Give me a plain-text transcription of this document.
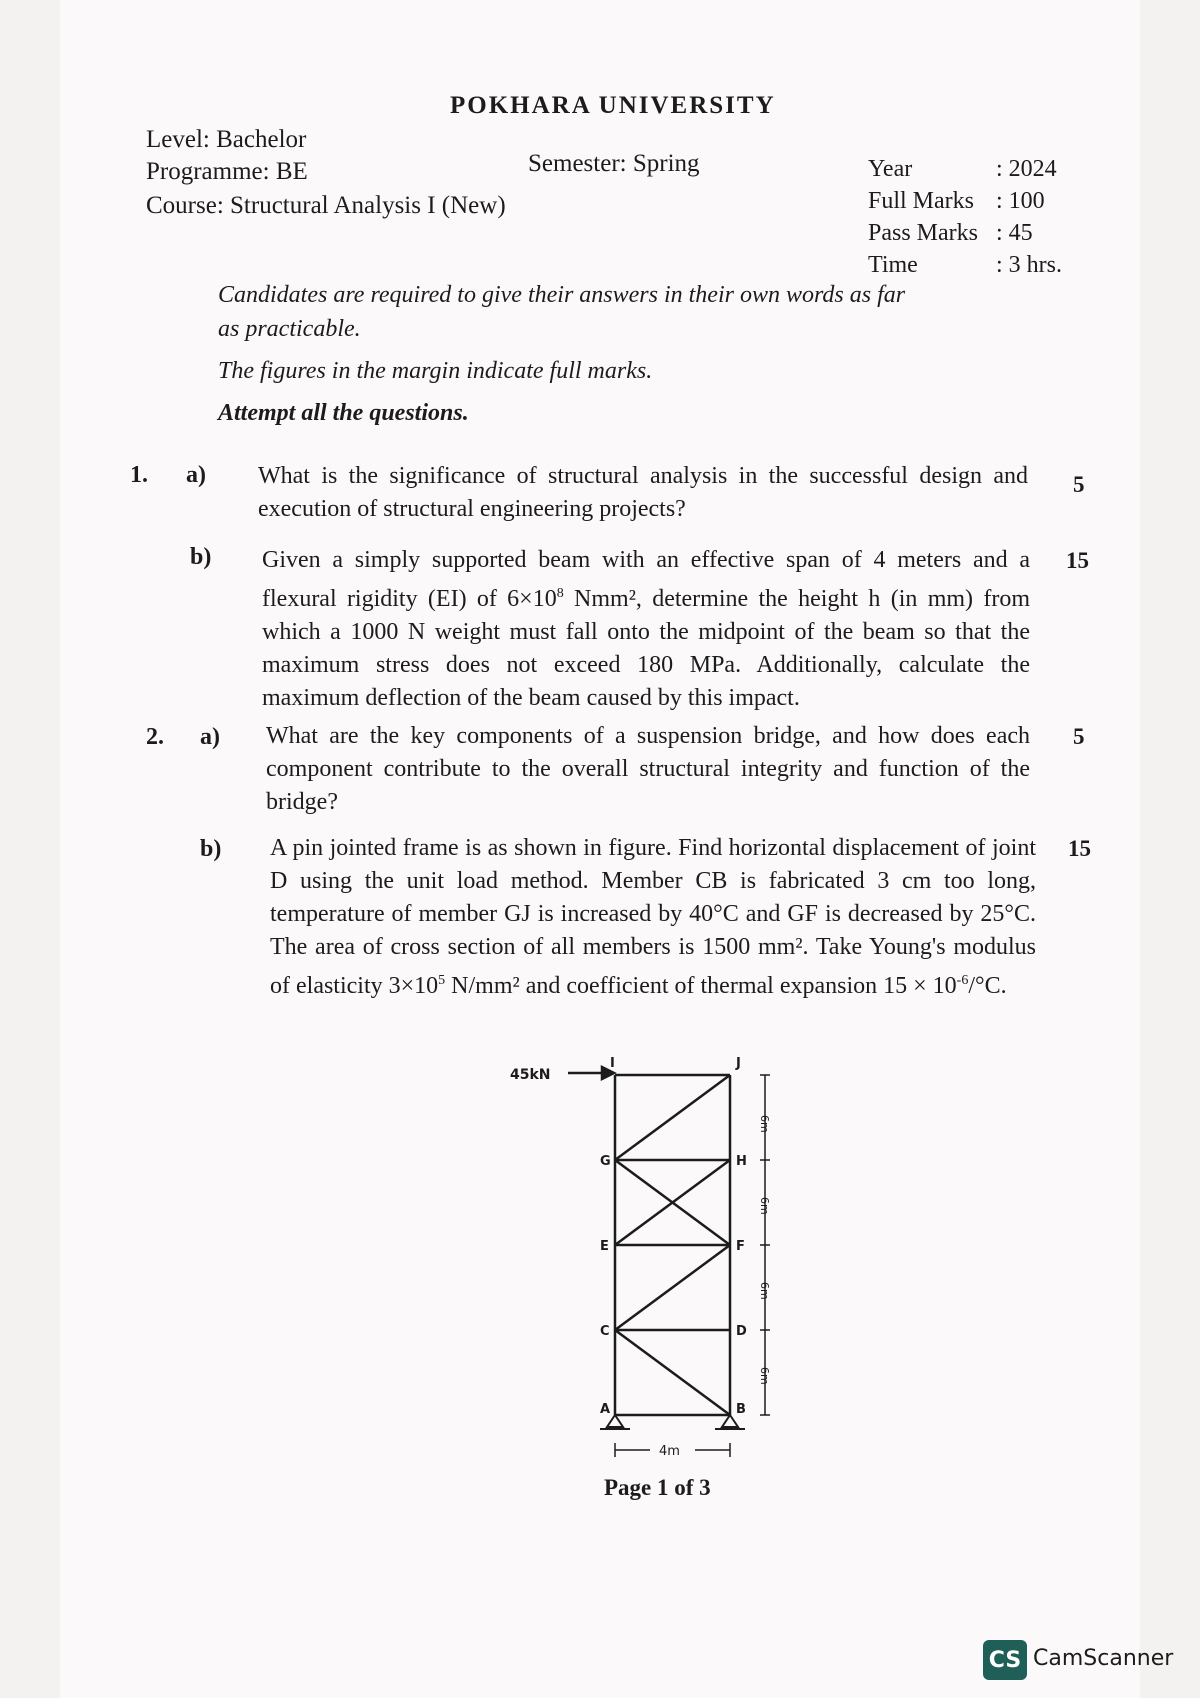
POKHARA UNIVERSITY
Level: Bachelor
Programme: BE
Course: Structural Analysis I (New)
Semester: Spring	Year	: 2024
Full Marks : 100
Pass Marks : 45
Time	: 3 hrs.
Candidates are required to give their answers in their own words as far
as practicable.
The figures in the margin indicate full marks.
Attempt all the questions.
1. a) What is the significance of structural analysis in the successful design and execution of structural engineering projects?
5
b) Given a simply supported beam with an effective span of 4 meters and a flexural rigidity (EI) of $6\times 10^8$ Nmm², determine the height h (in mm) from which a 1000 N weight must fall onto the midpoint of the beam so that the maximum stress does not exceed 180 MPa. Additionally, calculate the maximum deflection of the beam caused by this impact.
15
2. a) What are the key components of a suspension bridge, and how does each component contribute to the overall structural integrity and function of the bridge?
5
b) A pin jointed frame is as shown in figure. Find horizontal displacement of joint D using the unit load method. Member CB is fabricated 3 cm too long, temperature of member GJ is increased by 40°C and GF is decreased by 25°C. The area of cross section of all members is 1500 mm². Take Young's modulus of elasticity $3\times 10^5$ N/mm² and coefficient of thermal expansion $15 \times 10^{-6}/^\circ C$.
15
45kN
I	J
G	H
E	F
C	D
A	B
6m
6m
6m
6m
4m
Page 1 of 3
CS CamScanner
